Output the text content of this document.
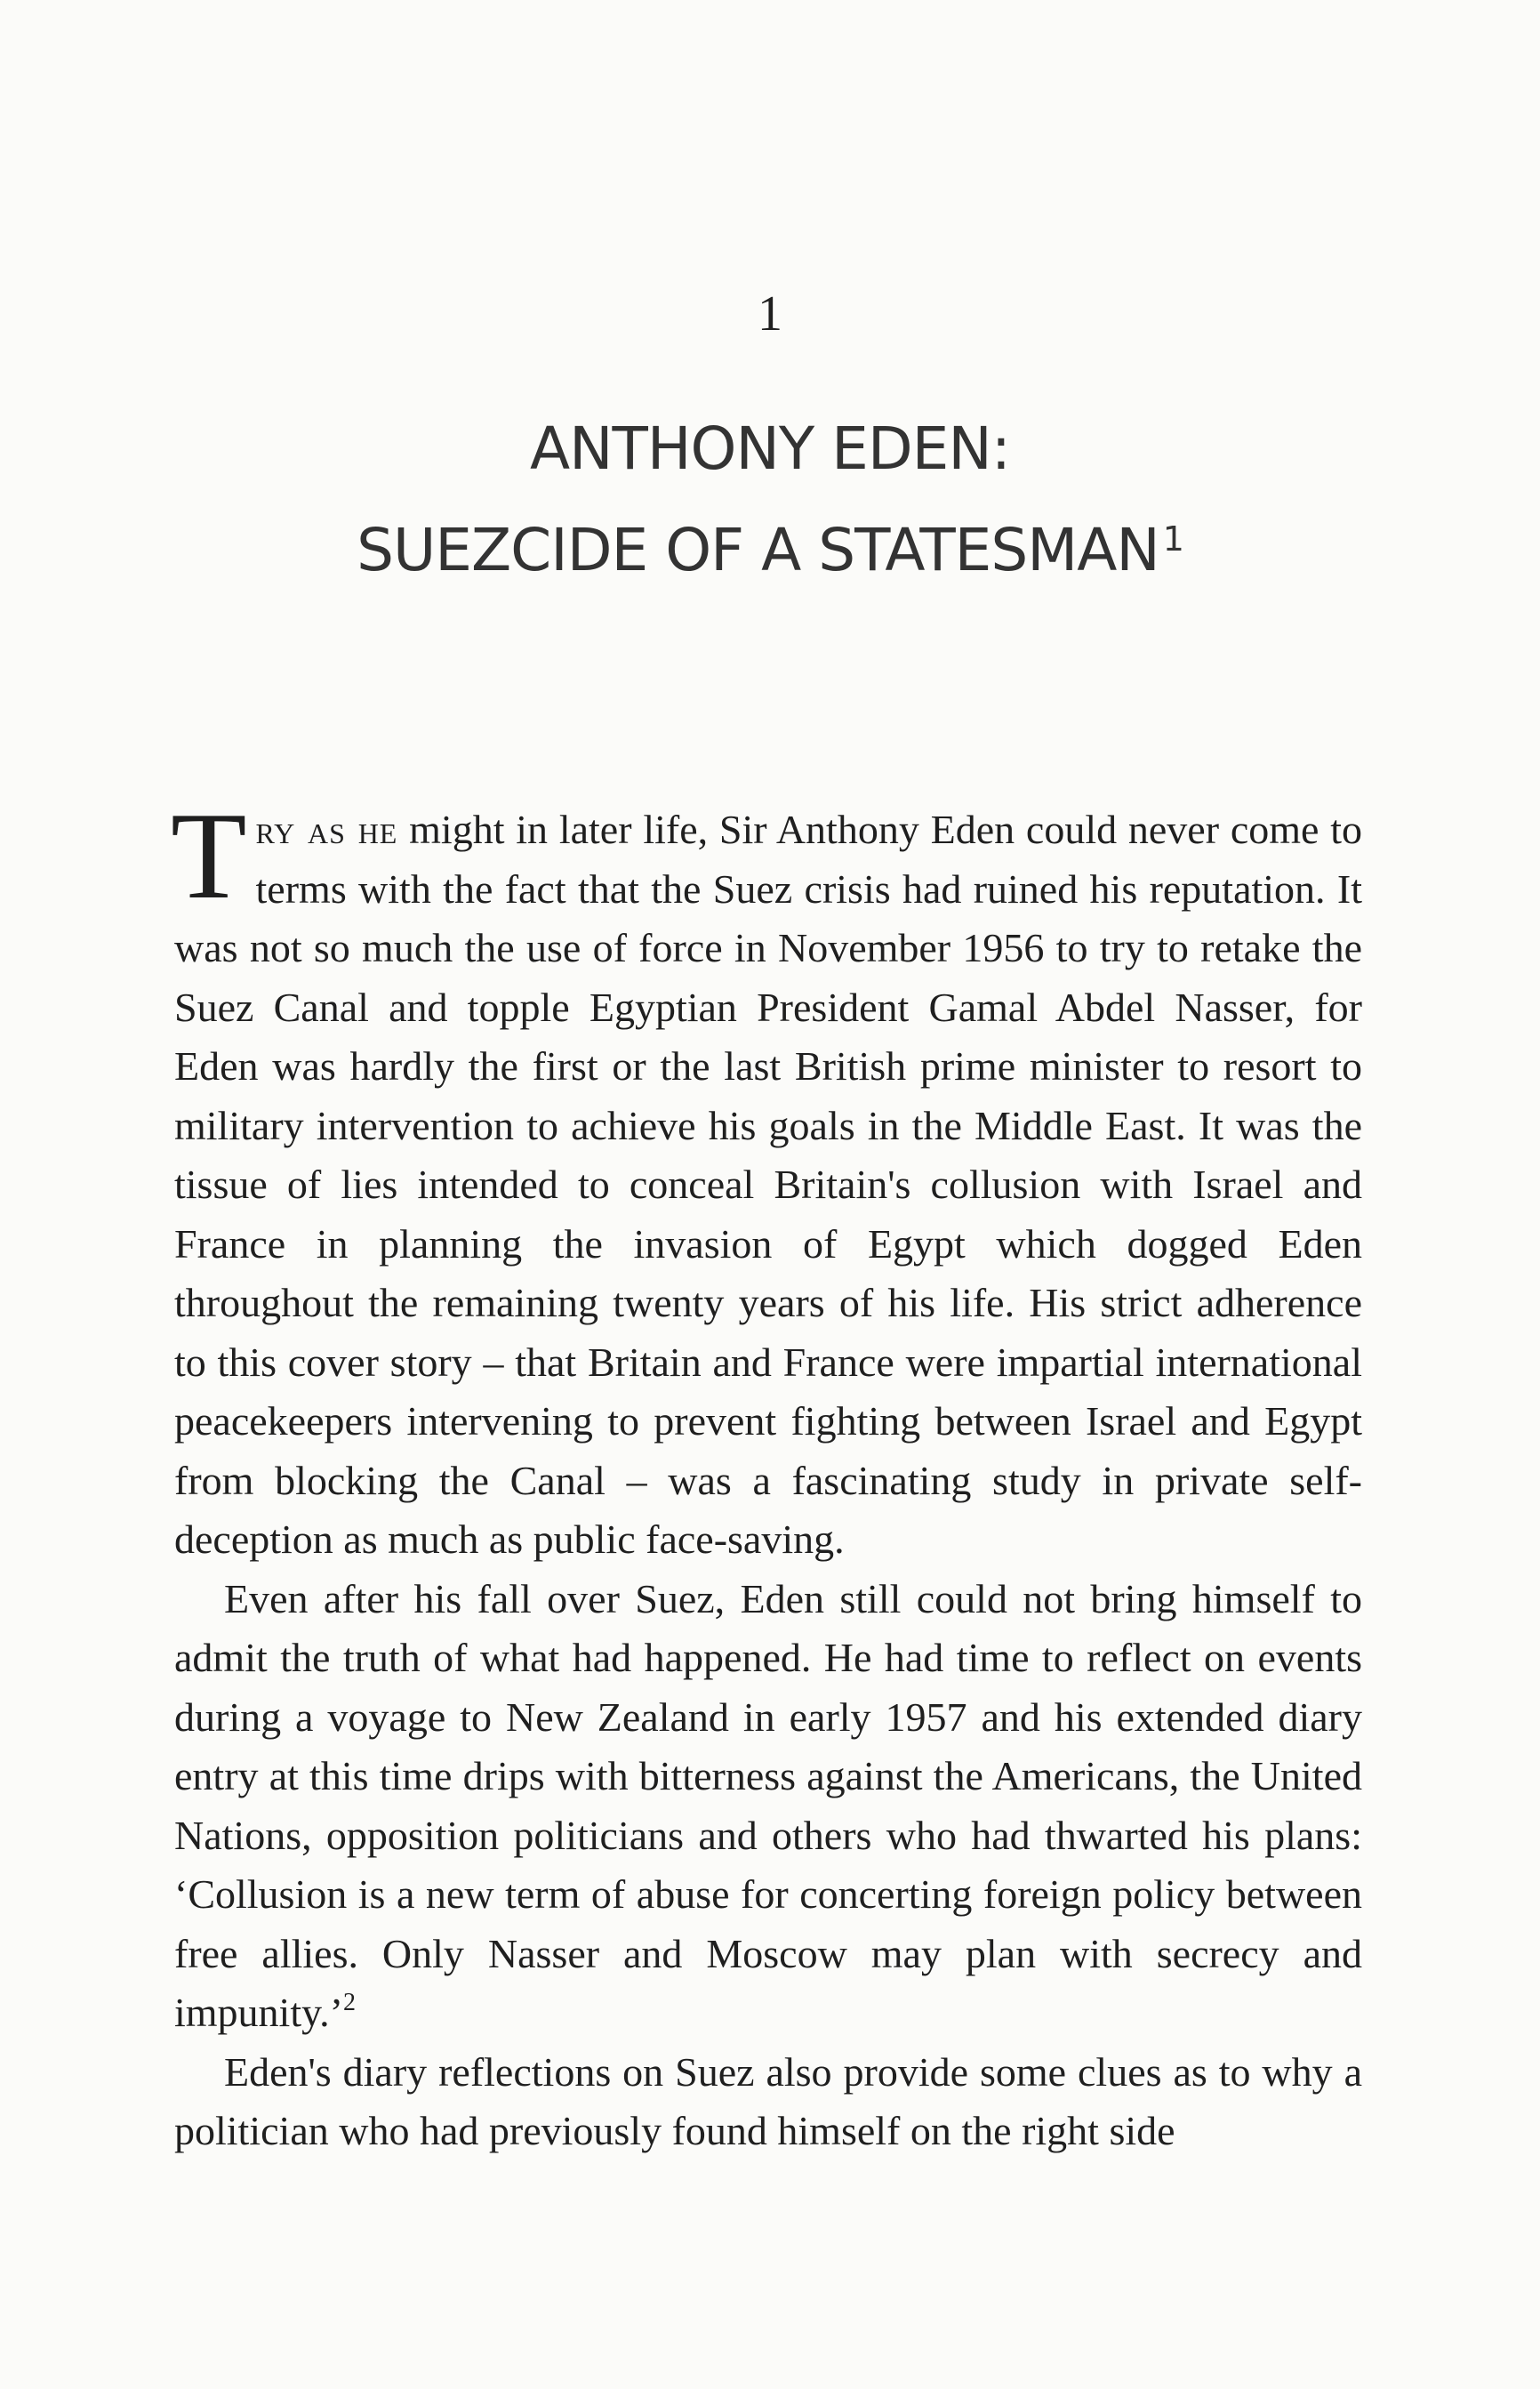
1
ANTHONY EDEN:
SUEZCIDE OF A STATESMAN $^1$

Try as he might in later life, Sir Anthony Eden could never come to terms with the fact that the Suez crisis had ruined his reputation. It was not so much the use of force in November 1956 to try to retake the Suez Canal and topple Egyptian President Gamal Abdel Nasser, for Eden was hardly the first or the last British prime minister to resort to military intervention to achieve his goals in the Middle East. It was the tissue of lies intended to conceal Britain's collusion with Israel and France in planning the invasion of Egypt which dogged Eden throughout the remaining twenty years of his life. His strict adherence to this cover story – that Britain and France were impartial international peacekeepers intervening to prevent fighting between Israel and Egypt from blocking the Canal – was a fascinating study in private self-deception as much as public face-saving.

Even after his fall over Suez, Eden still could not bring himself to admit the truth of what had happened. He had time to reflect on events during a voyage to New Zealand in early 1957 and his extended diary entry at this time drips with bitterness against the Americans, the United Nations, opposition politicians and others who had thwarted his plans: ‘Collusion is a new term of abuse for concerting foreign policy between free allies. Only Nasser and Moscow may plan with secrecy and impunity.’$^2$

Eden's diary reflections on Suez also provide some clues as to why a politician who had previously found himself on the right side
